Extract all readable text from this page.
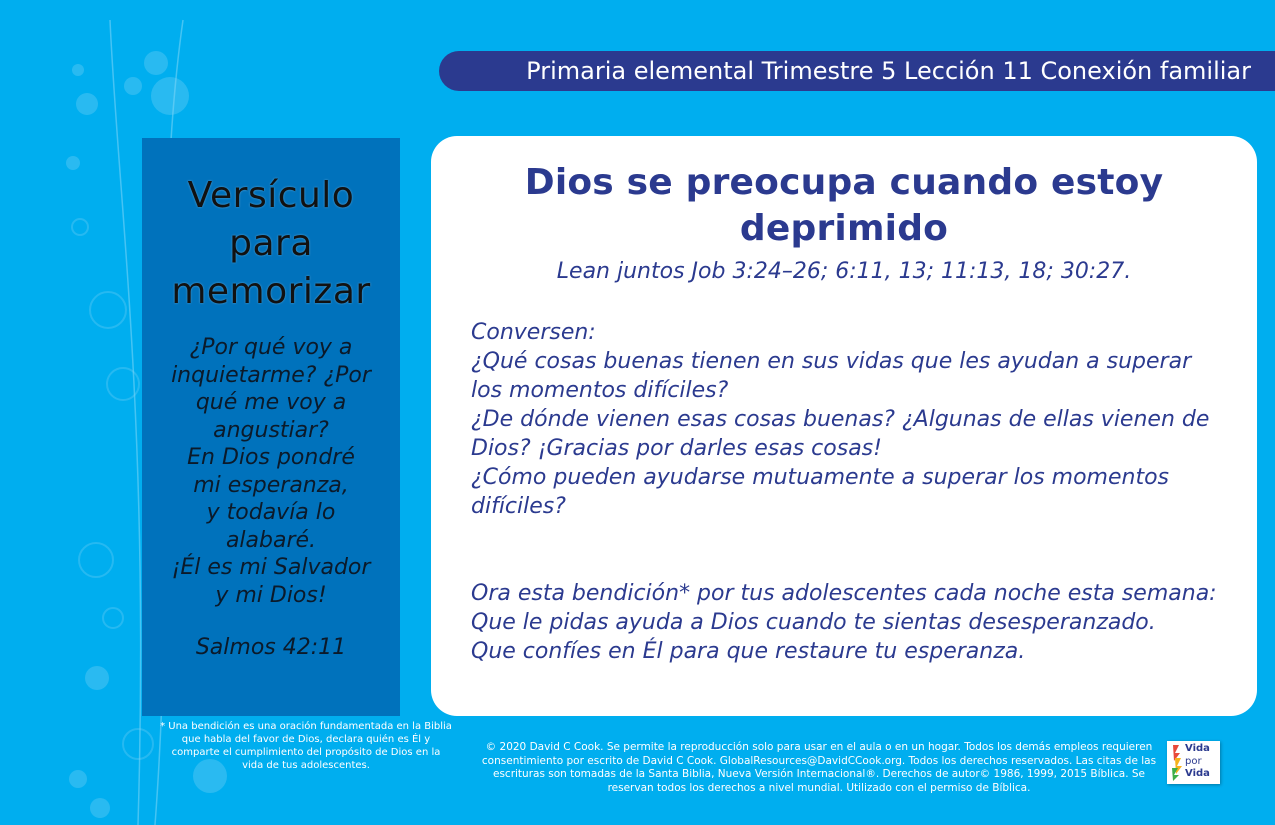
Primaria elemental Trimestre 5 Lección 11 Conexión familiar
Versículo
para
memorizar
¿Por qué voy a
inquietarme? ¿Por
qué me voy a
angustiar?
En Dios pondré
mi esperanza,
y todavía lo
alabaré.
¡Él es mi Salvador
y mi Dios!
Salmos 42:11
* Una bendición es una oración fundamentada en la Biblia que habla del favor de Dios, declara quién es Él y comparte el cumplimiento del propósito de Dios en la vida de tus adolescentes.
Dios se preocupa cuando estoy deprimido
Lean juntos Job 3:24–26; 6:11, 13; 11:13, 18; 30:27.

Conversen:

¿Qué cosas buenas tienen en sus vidas que les ayudan a superar los momentos difíciles?

¿De dónde vienen esas cosas buenas? ¿Algunas de ellas vienen de Dios? ¡Gracias por darles esas cosas!

¿Cómo pueden ayudarse mutuamente a superar los momentos difíciles?

Ora esta bendición* por tus adolescentes cada noche esta semana:

Que le pidas ayuda a Dios cuando te sientas desesperanzado.

Que confíes en Él para que restaure tu esperanza.

© 2020 David C Cook. Se permite la reproducción solo para usar en el aula o en un hogar. Todos los demás empleos requieren consentimiento por escrito de David C Cook. GlobalResources@DavidCCook.org. Todos los derechos reservados. Las citas de las escrituras son tomadas de la Santa Biblia, Nueva Versión Internacional®. Derechos de autor© 1986, 1999, 2015 Bíblica. Se reservan todos los derechos a nivel mundial. Utilizado con el permiso de Bíblica.
Vida
por
Vida
